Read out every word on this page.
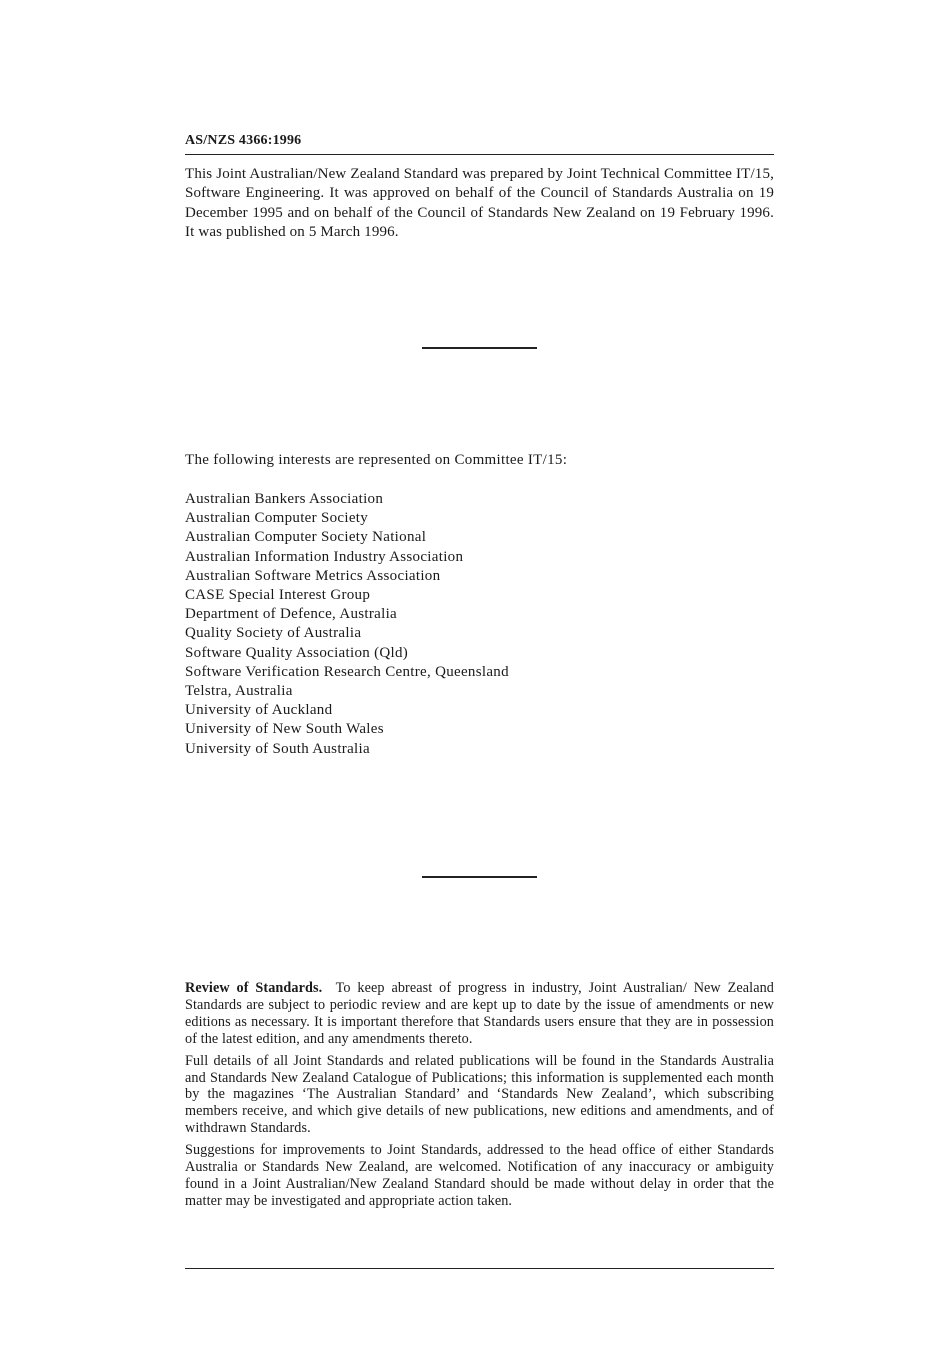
AS/NZS 4366:1996

This Joint Australian/New Zealand Standard was prepared by Joint Technical Committee IT/15, Software Engineering. It was approved on behalf of the Council of Standards Australia on 19 December 1995 and on behalf of the Council of Standards New Zealand on 19 February 1996. It was published on 5 March 1996.

The following interests are represented on Committee IT/15:

Australian Bankers Association
Australian Computer Society
Australian Computer Society National
Australian Information Industry Association
Australian Software Metrics Association
CASE Special Interest Group
Department of Defence, Australia
Quality Society of Australia
Software Quality Association (Qld)
Software Verification Research Centre, Queensland
Telstra, Australia
University of Auckland
University of New South Wales
University of South Australia

Review of Standards. To keep abreast of progress in industry, Joint Australian/ New Zealand Standards are subject to periodic review and are kept up to date by the issue of amendments or new editions as necessary. It is important therefore that Standards users ensure that they are in possession of the latest edition, and any amendments thereto.

Full details of all Joint Standards and related publications will be found in the Standards Australia and Standards New Zealand Catalogue of Publications; this information is supplemented each month by the magazines ‘The Australian Standard’ and ‘Standards New Zealand’, which subscribing members receive, and which give details of new publications, new editions and amendments, and of withdrawn Standards.

Suggestions for improvements to Joint Standards, addressed to the head office of either Standards Australia or Standards New Zealand, are welcomed. Notification of any inaccuracy or ambiguity found in a Joint Australian/New Zealand Standard should be made without delay in order that the matter may be investigated and appropriate action taken.
